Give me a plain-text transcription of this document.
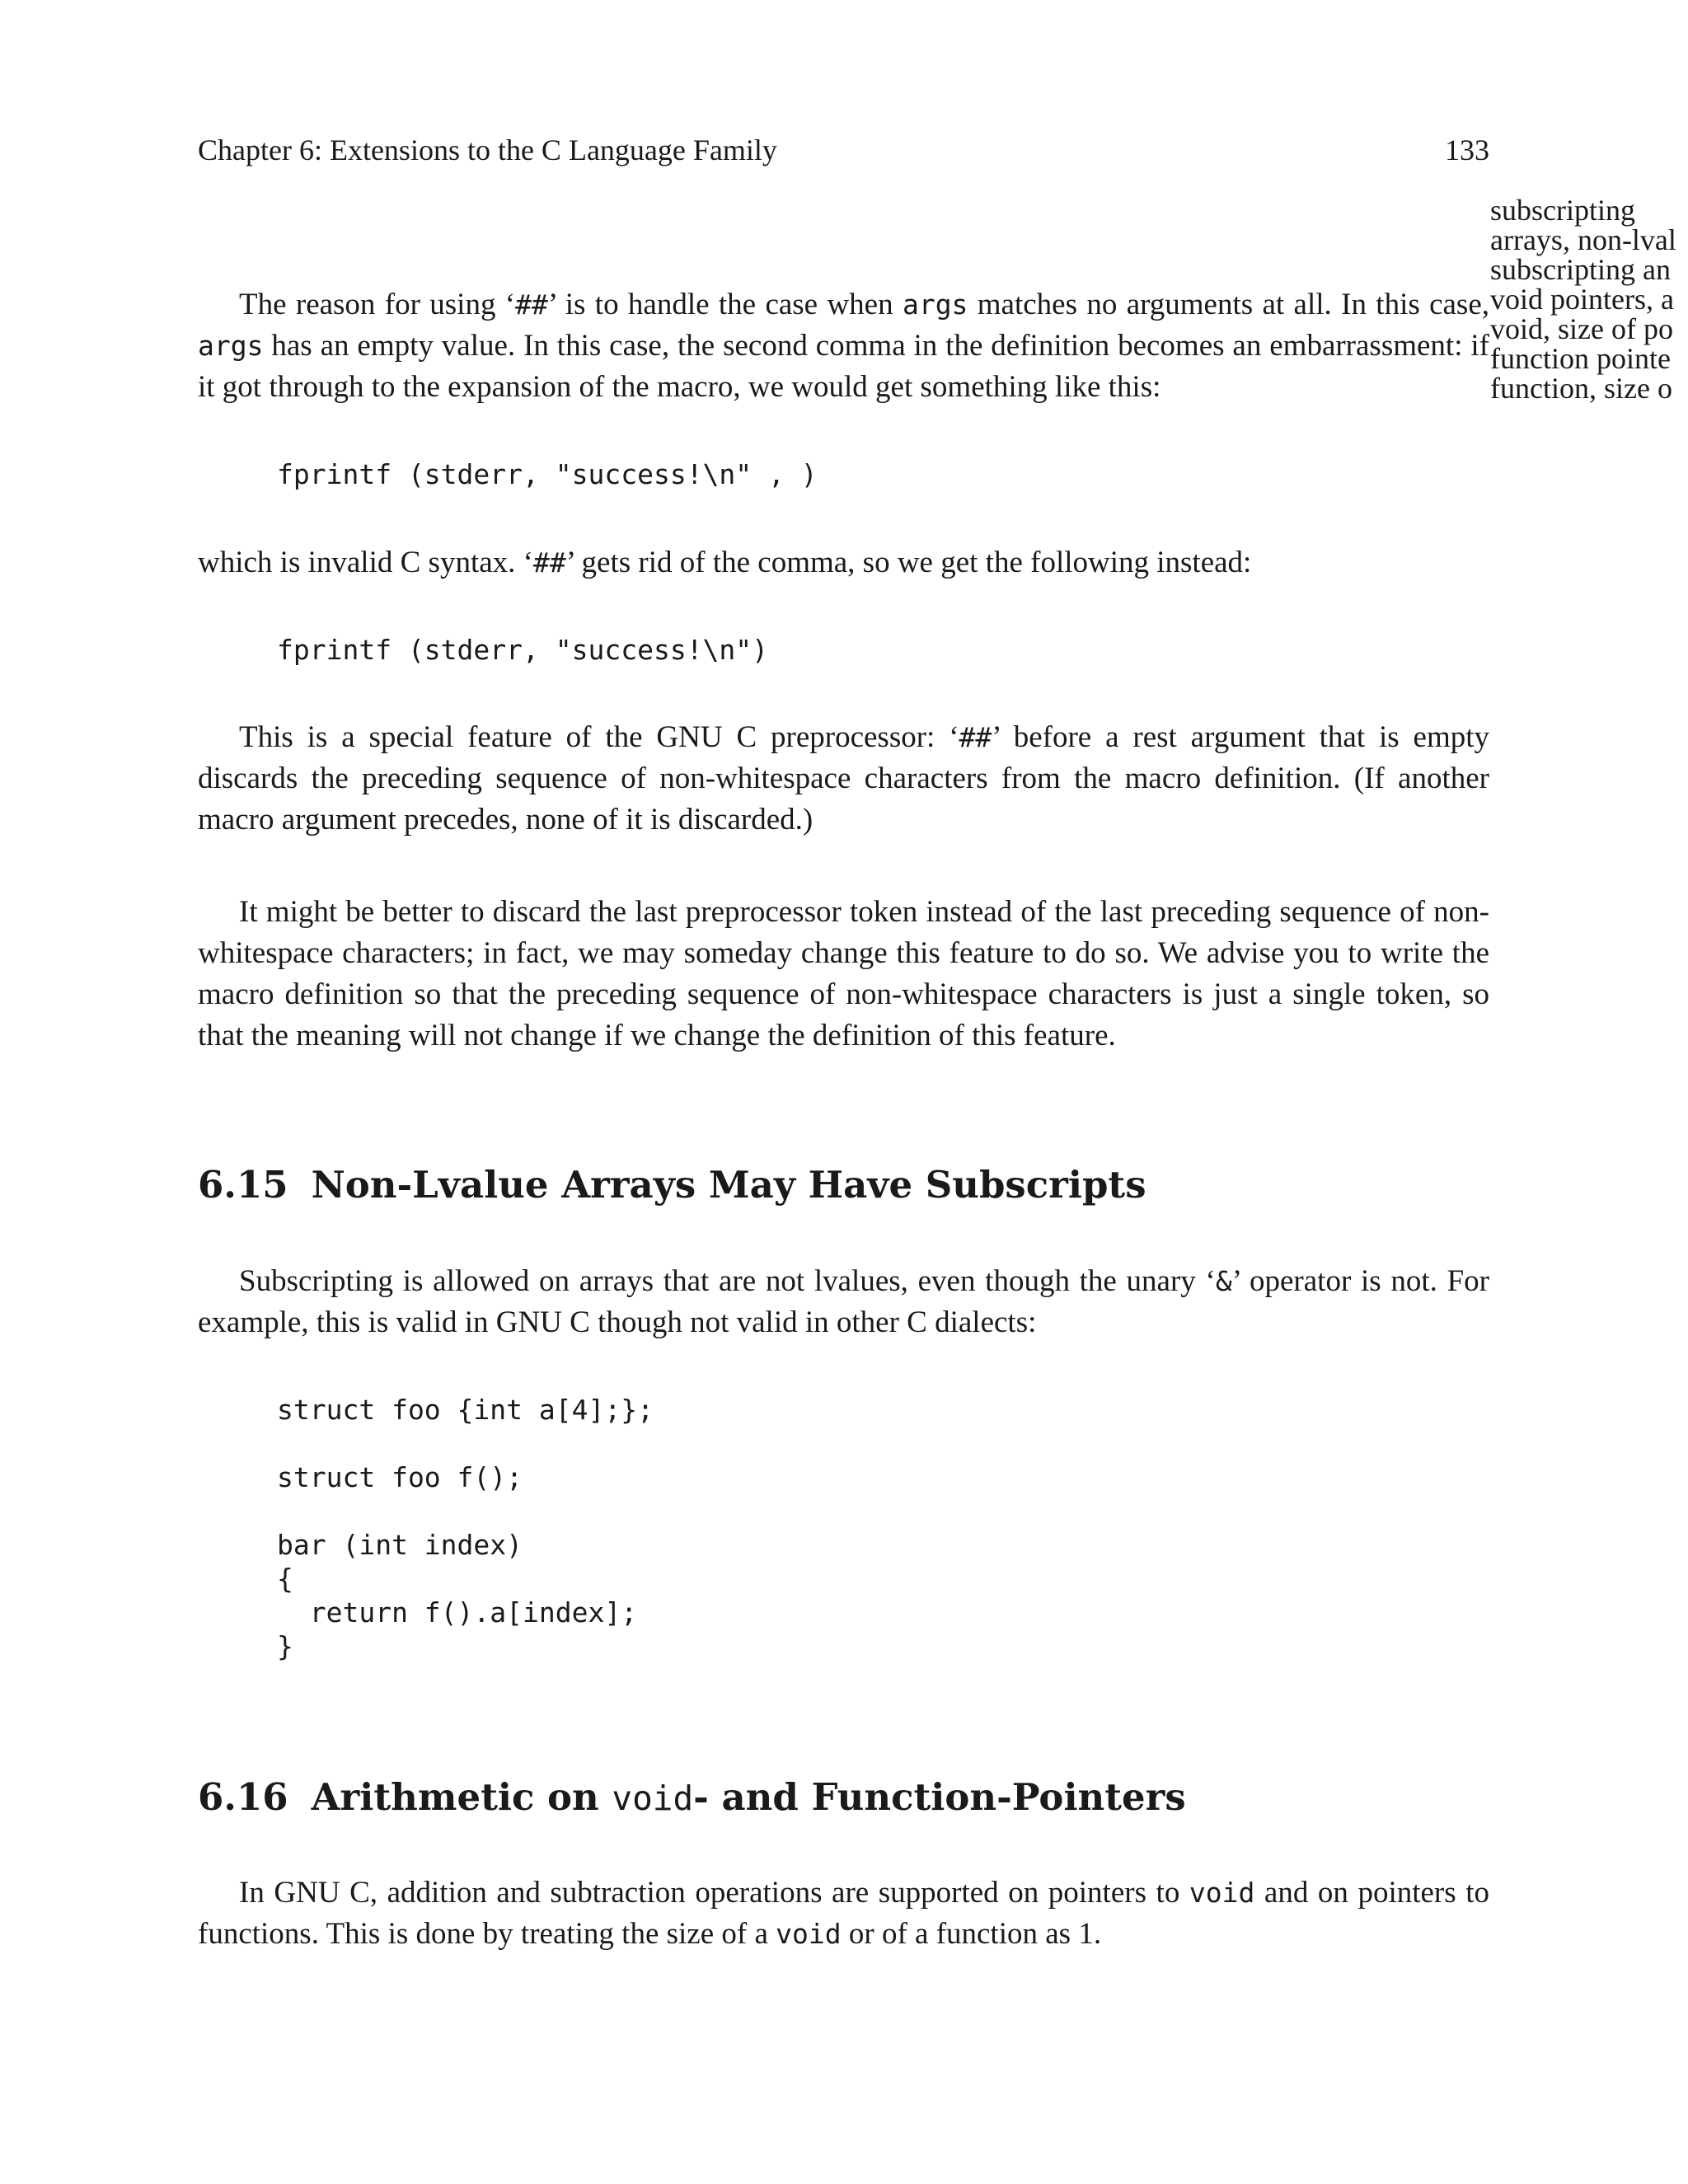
Chapter 6: Extensions to the C Language Family	133
subscripting
arrays, non-lval
subscripting an
void pointers, a
void, size of po
function pointe
function, size o

The reason for using ‘##’ is to handle the case when args matches no arguments at all. In this case, args has an empty value. In this case, the second comma in the definition becomes an embarrassment: if it got through to the expansion of the macro, we would get something like this:

fprintf (stderr, "success!\n" , )

which is invalid C syntax. ‘##’ gets rid of the comma, so we get the following instead:

fprintf (stderr, "success!\n")

This is a special feature of the GNU C preprocessor: ‘##’ before a rest argument that is empty discards the preceding sequence of non-whitespace characters from the macro definition. (If another macro argument precedes, none of it is discarded.)

It might be better to discard the last preprocessor token instead of the last preceding sequence of non-whitespace characters; in fact, we may someday change this feature to do so. We advise you to write the macro definition so that the preceding sequence of non-whitespace characters is just a single token, so that the meaning will not change if we change the definition of this feature.

6.15 Non-Lvalue Arrays May Have Subscripts

Subscripting is allowed on arrays that are not lvalues, even though the unary ‘&’ operator is not. For example, this is valid in GNU C though not valid in other C dialects:

struct foo {int a[4];};

struct foo f();

bar (int index)
{
return f().a[index];
}
6.16 Arithmetic on void- and Function-Pointers

In GNU C, addition and subtraction operations are supported on pointers to void and on pointers to functions. This is done by treating the size of a void or of a function as 1.
